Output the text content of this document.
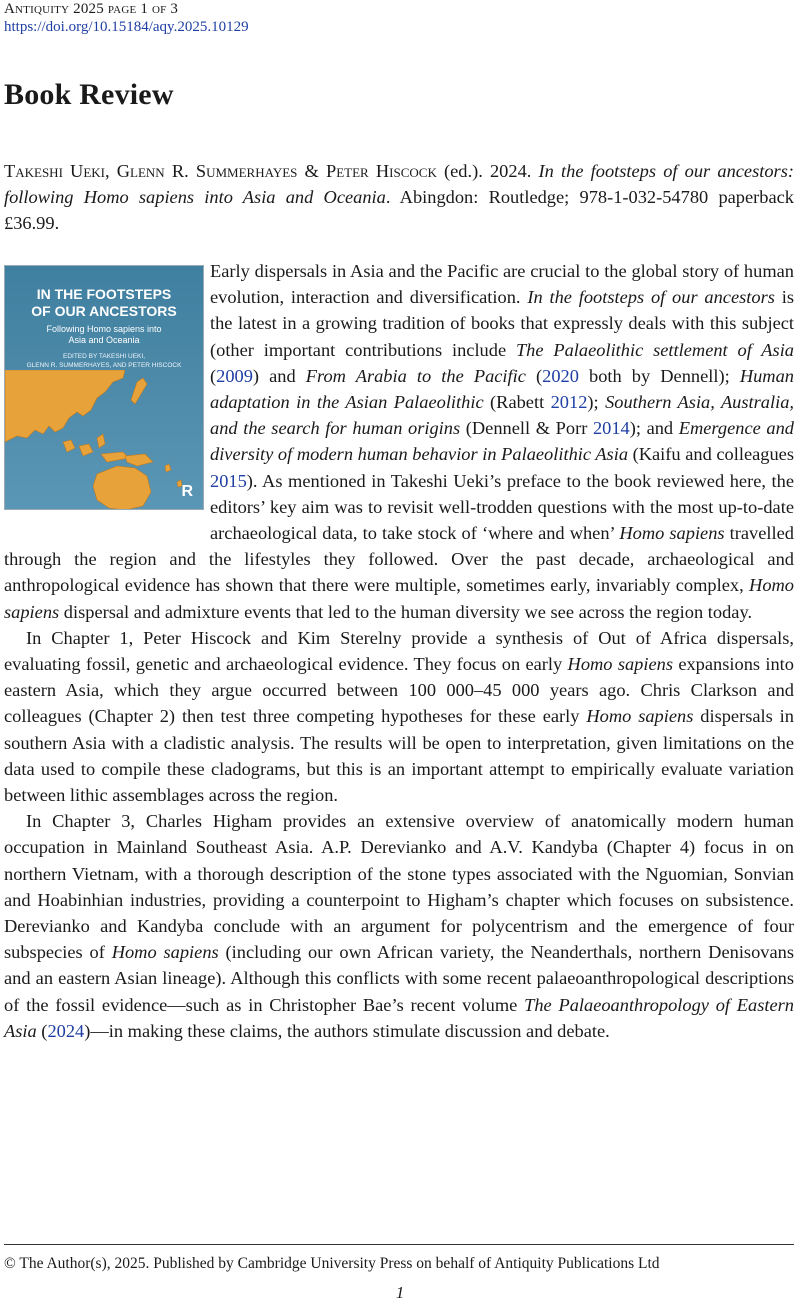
Antiquity 2025 page 1 of 3
https://doi.org/10.15184/aqy.2025.10129
Book Review
Takeshi Ueki, Glenn R. Summerhayes & Peter Hiscock (ed.). 2024. In the footsteps of our ancestors: following Homo sapiens into Asia and Oceania. Abingdon: Routledge; 978-1-032-54780 paperback £36.99.
IN THE FOOTSTEPS
OF OUR ANCESTORS
Following Homo sapiens into
Asia and Oceania
EDITED BY TAKESHI UEKI,
GLENN R. SUMMERHAYES, AND PETER HISCOCK
R

Early dispersals in Asia and the Pacific are crucial to the global story of human evolution, interaction and diversification. In the footsteps of our ancestors is the latest in a growing tradition of books that expressly deals with this subject (other important contributions include The Palaeolithic settlement of Asia (2009) and From Arabia to the Pacific (2020 both by Dennell); Human adaptation in the Asian Palaeolithic (Rabett 2012); Southern Asia, Australia, and the search for human origins (Dennell & Porr 2014); and Emergence and diversity of modern human behavior in Palaeolithic Asia (Kaifu and colleagues 2015). As mentioned in Takeshi Ueki’s preface to the book reviewed here, the editors’ key aim was to revisit well-trodden questions with the most up-to-date archaeological data, to take stock of ‘where and when’ Homo sapiens travelled through the region and the lifestyles they followed. Over the past decade, archaeological and anthropological evidence has shown that there were multiple, sometimes early, invariably complex, Homo sapiens dispersal and admixture events that led to the human diversity we see across the region today.

In Chapter 1, Peter Hiscock and Kim Sterelny provide a synthesis of Out of Africa dispersals, evaluating fossil, genetic and archaeological evidence. They focus on early Homo sapiens expansions into eastern Asia, which they argue occurred between 100 000–45 000 years ago. Chris Clarkson and colleagues (Chapter 2) then test three competing hypotheses for these early Homo sapiens dispersals in southern Asia with a cladistic analysis. The results will be open to interpretation, given limitations on the data used to compile these cladograms, but this is an important attempt to empirically evaluate variation between lithic assemblages across the region.

In Chapter 3, Charles Higham provides an extensive overview of anatomically modern human occupation in Mainland Southeast Asia. A.P. Derevianko and A.V. Kandyba (Chapter 4) focus in on northern Vietnam, with a thorough description of the stone types associated with the Nguomian, Sonvian and Hoabinhian industries, providing a counterpoint to Higham’s chapter which focuses on subsistence. Derevianko and Kandyba conclude with an argument for polycentrism and the emergence of four subspecies of Homo sapiens (including our own African variety, the Neanderthals, northern Denisovans and an eastern Asian lineage). Although this conflicts with some recent palaeoanthropological descriptions of the fossil evidence—such as in Christopher Bae’s recent volume The Palaeoanthropology of Eastern Asia (2024)—in making these claims, the authors stimulate discussion and debate.

© The Author(s), 2025. Published by Cambridge University Press on behalf of Antiquity Publications Ltd
1
